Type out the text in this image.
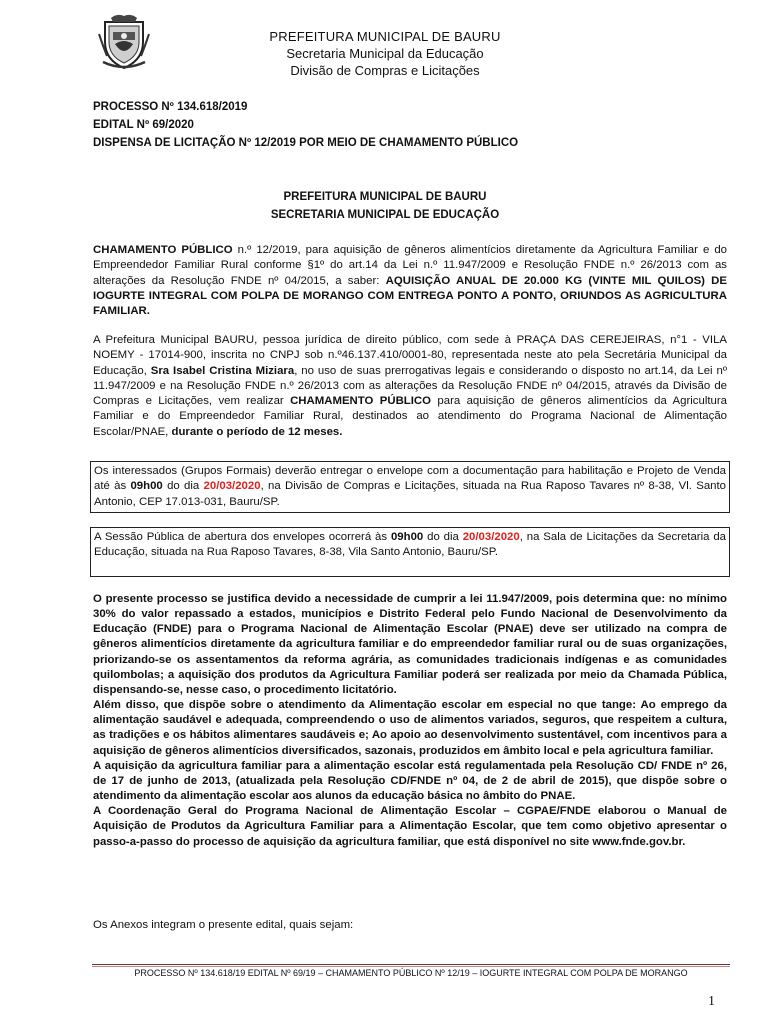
PREFEITURA MUNICIPAL DE BAURU
Secretaria Municipal da Educação
Divisão de Compras e Licitações
PROCESSO Nº 134.618/2019
EDITAL Nº 69/2020
DISPENSA DE LICITAÇÃO Nº 12/2019 POR MEIO DE CHAMAMENTO PÚBLICO
PREFEITURA MUNICIPAL DE BAURU
SECRETARIA MUNICIPAL DE EDUCAÇÃO

CHAMAMENTO PÚBLICO n.º 12/2019, para aquisição de gêneros alimentícios diretamente da Agricultura Familiar e do Empreendedor Familiar Rural conforme §1º do art.14 da Lei n.º 11.947/2009 e Resolução FNDE n.º 26/2013 com as alterações da Resolução FNDE nº 04/2015, a saber: AQUISIÇÃO ANUAL DE 20.000 KG (VINTE MIL QUILOS) DE IOGURTE INTEGRAL COM POLPA DE MORANGO COM ENTREGA PONTO A PONTO, ORIUNDOS AS AGRICULTURA FAMILIAR.

A Prefeitura Municipal BAURU, pessoa jurídica de direito público, com sede à PRAÇA DAS CEREJEIRAS, n°1 - VILA NOEMY - 17014-900, inscrita no CNPJ sob n.º46.137.410/0001-80, representada neste ato pela Secretária Municipal da Educação, Sra Isabel Cristina Miziara, no uso de suas prerrogativas legais e considerando o disposto no art.14, da Lei nº 11.947/2009 e na Resolução FNDE n.º 26/2013 com as alterações da Resolução FNDE nº 04/2015, através da Divisão de Compras e Licitações, vem realizar CHAMAMENTO PÚBLICO para aquisição de gêneros alimentícios da Agricultura Familiar e do Empreendedor Familiar Rural, destinados ao atendimento do Programa Nacional de Alimentação Escolar/PNAE, durante o período de 12 meses.

Os interessados (Grupos Formais) deverão entregar o envelope com a documentação para habilitação e Projeto de Venda até às 09h00 do dia 20/03/2020, na Divisão de Compras e Licitações, situada na Rua Raposo Tavares nº 8-38, Vl. Santo Antonio, CEP 17.013-031, Bauru/SP.
A Sessão Pública de abertura dos envelopes ocorrerá às 09h00 do dia 20/03/2020, na Sala de Licitações da Secretaria da Educação, situada na Rua Raposo Tavares, 8-38, Vila Santo Antonio, Bauru/SP.

O presente processo se justifica devido a necessidade de cumprir a lei 11.947/2009, pois determina que: no mínimo 30% do valor repassado a estados, municípios e Distrito Federal pelo Fundo Nacional de Desenvolvimento da Educação (FNDE) para o Programa Nacional de Alimentação Escolar (PNAE) deve ser utilizado na compra de gêneros alimentícios diretamente da agricultura familiar e do empreendedor familiar rural ou de suas organizações, priorizando-se os assentamentos da reforma agrária, as comunidades tradicionais indígenas e as comunidades quilombolas; a aquisição dos produtos da Agricultura Familiar poderá ser realizada por meio da Chamada Pública, dispensando-se, nesse caso, o procedimento licitatório.

Além disso, que dispõe sobre o atendimento da Alimentação escolar em especial no que tange: Ao emprego da alimentação saudável e adequada, compreendendo o uso de alimentos variados, seguros, que respeitem a cultura, as tradições e os hábitos alimentares saudáveis e; Ao apoio ao desenvolvimento sustentável, com incentivos para a aquisição de gêneros alimentícios diversificados, sazonais, produzidos em âmbito local e pela agricultura familiar.

A aquisição da agricultura familiar para a alimentação escolar está regulamentada pela Resolução CD/ FNDE nº 26, de 17 de junho de 2013, (atualizada pela Resolução CD/FNDE nº 04, de 2 de abril de 2015), que dispõe sobre o atendimento da alimentação escolar aos alunos da educação básica no âmbito do PNAE.

A Coordenação Geral do Programa Nacional de Alimentação Escolar – CGPAE/FNDE elaborou o Manual de Aquisição de Produtos da Agricultura Familiar para a Alimentação Escolar, que tem como objetivo apresentar o passo-a-passo do processo de aquisição da agricultura familiar, que está disponível no site www.fnde.gov.br.

Os Anexos integram o presente edital, quais sejam:
PROCESSO Nº 134.618/19 EDITAL Nº 69/19 – CHAMAMENTO PÚBLICO Nº 12/19 – IOGURTE INTEGRAL COM POLPA DE MORANGO
1
